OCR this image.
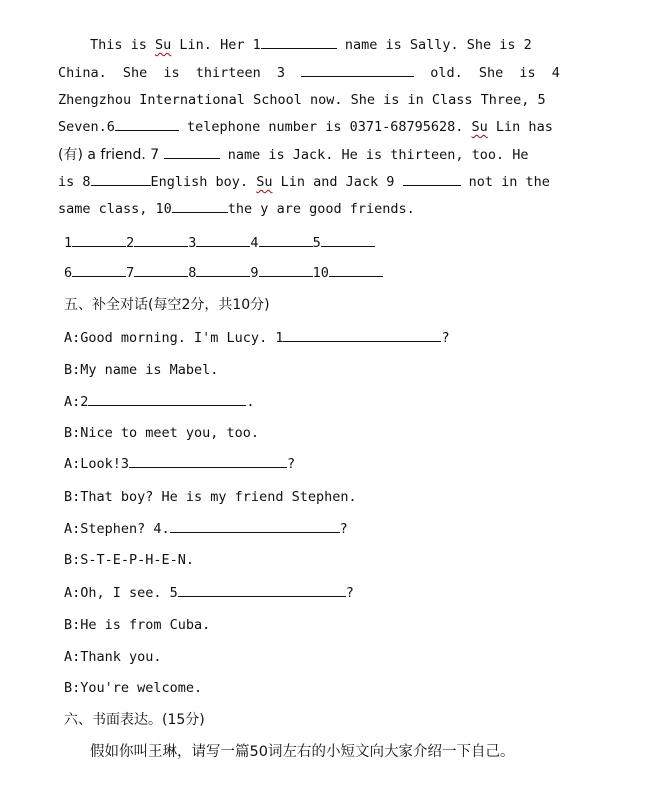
This is Su Lin. Her 1	name is Sally. She is 2
China. She is thirteen 3	old. She is 4
Zhengzhou International School now. She is in Class Three, 5
Seven.6	telephone number is 0371-68795628. Su Lin has
(有) a friend. 7	name is Jack. He is thirteen, too. He
is 8	English boy. Su Lin and Jack 9	not in the
same class, 10	the y are good friends.
1	2	3	4	5
6	7	8	9	10
五、补全对话(每空2分，共10分)
A:Good morning. I'm Lucy. 1	?
B:My name is Mabel.
A:2	.
B:Nice to meet you, too.
A:Look!3	?
B:That boy? He is my friend Stephen.
A:Stephen? 4.	?
B:S-T-E-P-H-E-N.
A:Oh, I see. 5	?
B:He is from Cuba.
A:Thank you.
B:You're welcome.
六、书面表达。(15分)
假如你叫王琳，请写一篇50词左右的小短文向大家介绍一下自己。
